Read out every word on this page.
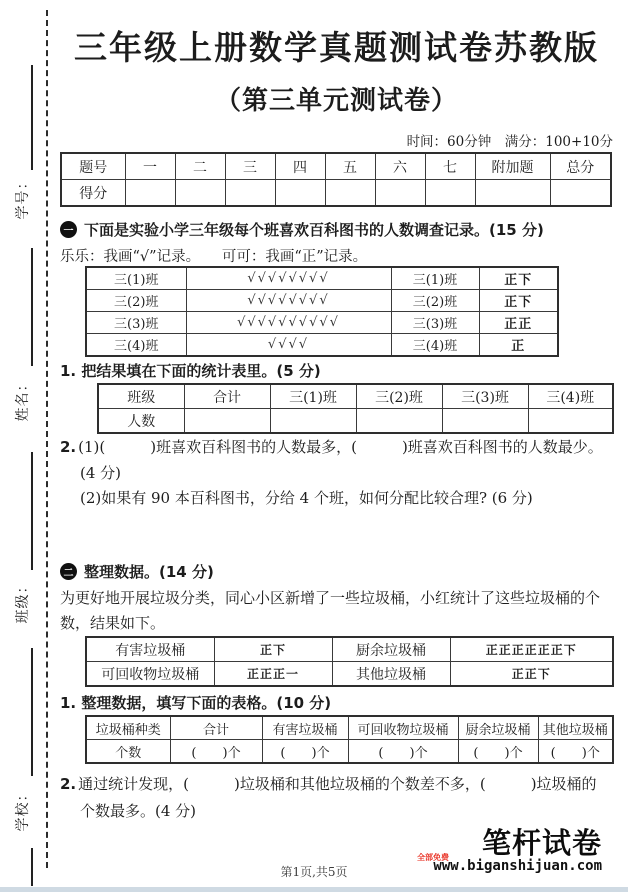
学号：
姓名：
班级：
学校：
三年级上册数学真题测试卷苏教版
（第三单元测试卷）
时间：60分钟　满分：100+10分
题号	一	二	三	四	五	六	七	附加题	总分
得分									
一 下面是实验小学三年级每个班喜欢百科图书的人数调查记录。(15 分)
乐乐：我画“√”记录。　　可可：我画“正”记录。
三(1)班	√√√√√√√√	三(1)班	正下
三(2)班	√√√√√√√√	三(2)班	正下
三(3)班	√√√√√√√√√√	三(3)班	正正
三(4)班	√√√√	三(4)班	正
1. 把结果填在下面的统计表里。(5 分)
班级	合计	三(1)班	三(2)班	三(3)班	三(4)班
人数					
2. (1)(　　　)班喜欢百科图书的人数最多，(　　　)班喜欢百科图书的人数最少。
(4 分)
(2)如果有 90 本百科图书，分给 4 个班，如何分配比较合理? (6 分)
二 整理数据。(14 分)
为更好地开展垃圾分类，同心小区新增了一些垃圾桶，小红统计了这些垃圾桶的个
数，结果如下。
有害垃圾桶	正下	厨余垃圾桶	正正正正正正下
可回收物垃圾桶	正正正一	其他垃圾桶	正正下
1. 整理数据，填写下面的表格。(10 分)
垃圾桶种类	合计	有害垃圾桶	可回收物垃圾桶	厨余垃圾桶	其他垃圾桶
个数	(　　)个	(　　)个	(　　)个	(　　)个	(　　)个
2. 通过统计发现，(　　　)垃圾桶和其他垃圾桶的个数差不多，(　　　)垃圾桶的
个数最多。(4 分)
第1页,共5页
笔杆试卷
全部免费
www.biganshijuan.com
